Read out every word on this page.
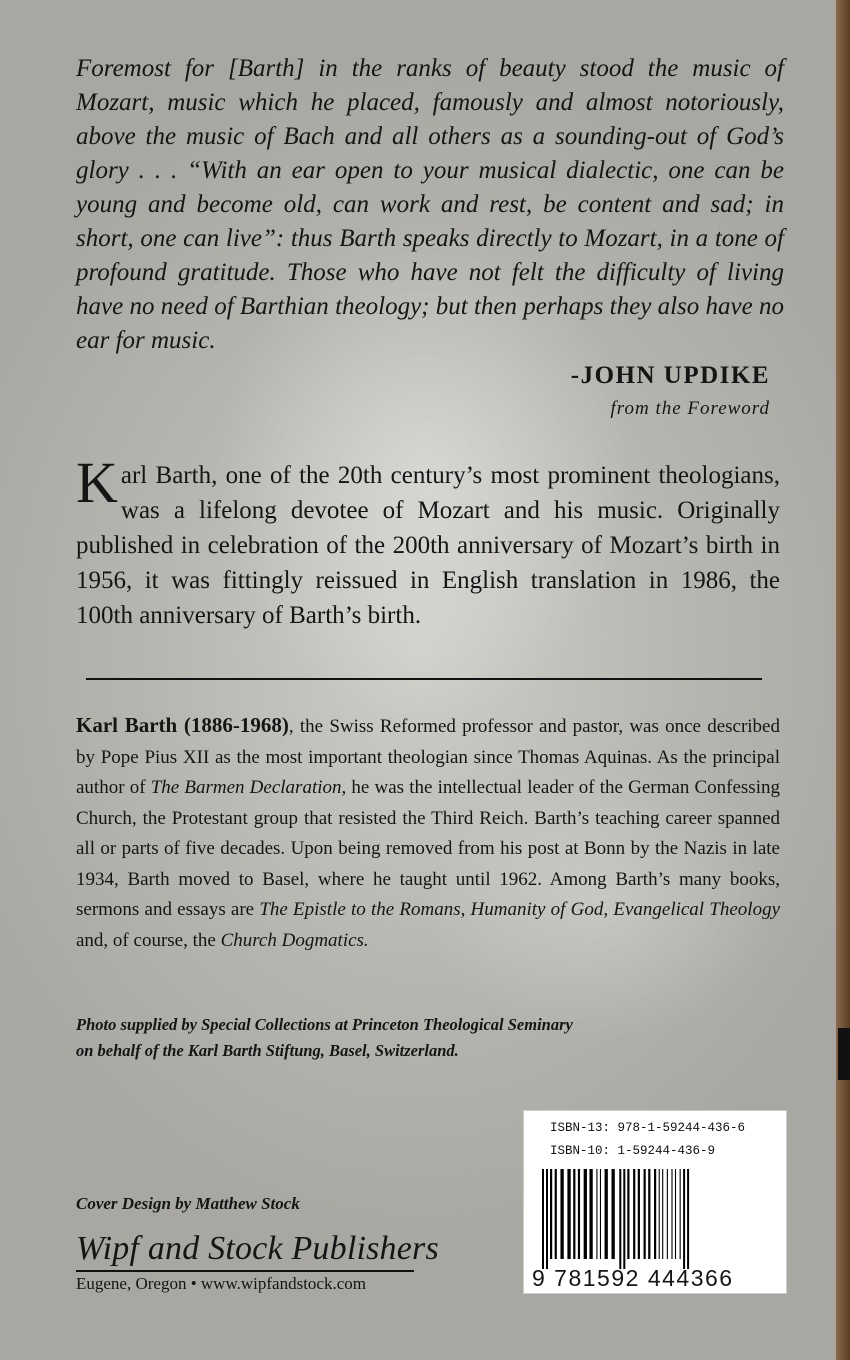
Foremost for [Barth] in the ranks of beauty stood the music of Mozart, music which he placed, famously and almost notoriously, above the music of Bach and all others as a sounding-out of God’s glory . . . “With an ear open to your musical dialectic, one can be young and become old, can work and rest, be content and sad; in short, one can live”: thus Barth speaks directly to Mozart, in a tone of profound gratitude. Those who have not felt the difficulty of living have no need of Barthian theology; but then perhaps they also have no ear for music.
-JOHN UPDIKE
from the Foreword
Karl Barth, one of the 20th century’s most prominent theologians, was a lifelong devotee of Mozart and his music. Originally published in celebration of the 200th anniversary of Mozart’s birth in 1956, it was fittingly reissued in English translation in 1986, the 100th anniversary of Barth’s birth.
Karl Barth (1886-1968), the Swiss Reformed professor and pastor, was once described by Pope Pius XII as the most important theologian since Thomas Aquinas. As the principal author of The Barmen Declaration, he was the intellectual leader of the German Confessing Church, the Protestant group that resisted the Third Reich. Barth’s teaching career spanned all or parts of five decades. Upon being removed from his post at Bonn by the Nazis in late 1934, Barth moved to Basel, where he taught until 1962. Among Barth’s many books, sermons and essays are The Epistle to the Romans, Humanity of God, Evangelical Theology and, of course, the Church Dogmatics.
Photo supplied by Special Collections at Princeton Theological Seminary
on behalf of the Karl Barth Stiftung, Basel, Switzerland.
Cover Design by Matthew Stock
Wipf and Stock Publishers
Eugene, Oregon • www.wipfandstock.com
ISBN-13: 978-1-59244-436-6
ISBN-10: 1-59244-436-9
9 781592 444366
